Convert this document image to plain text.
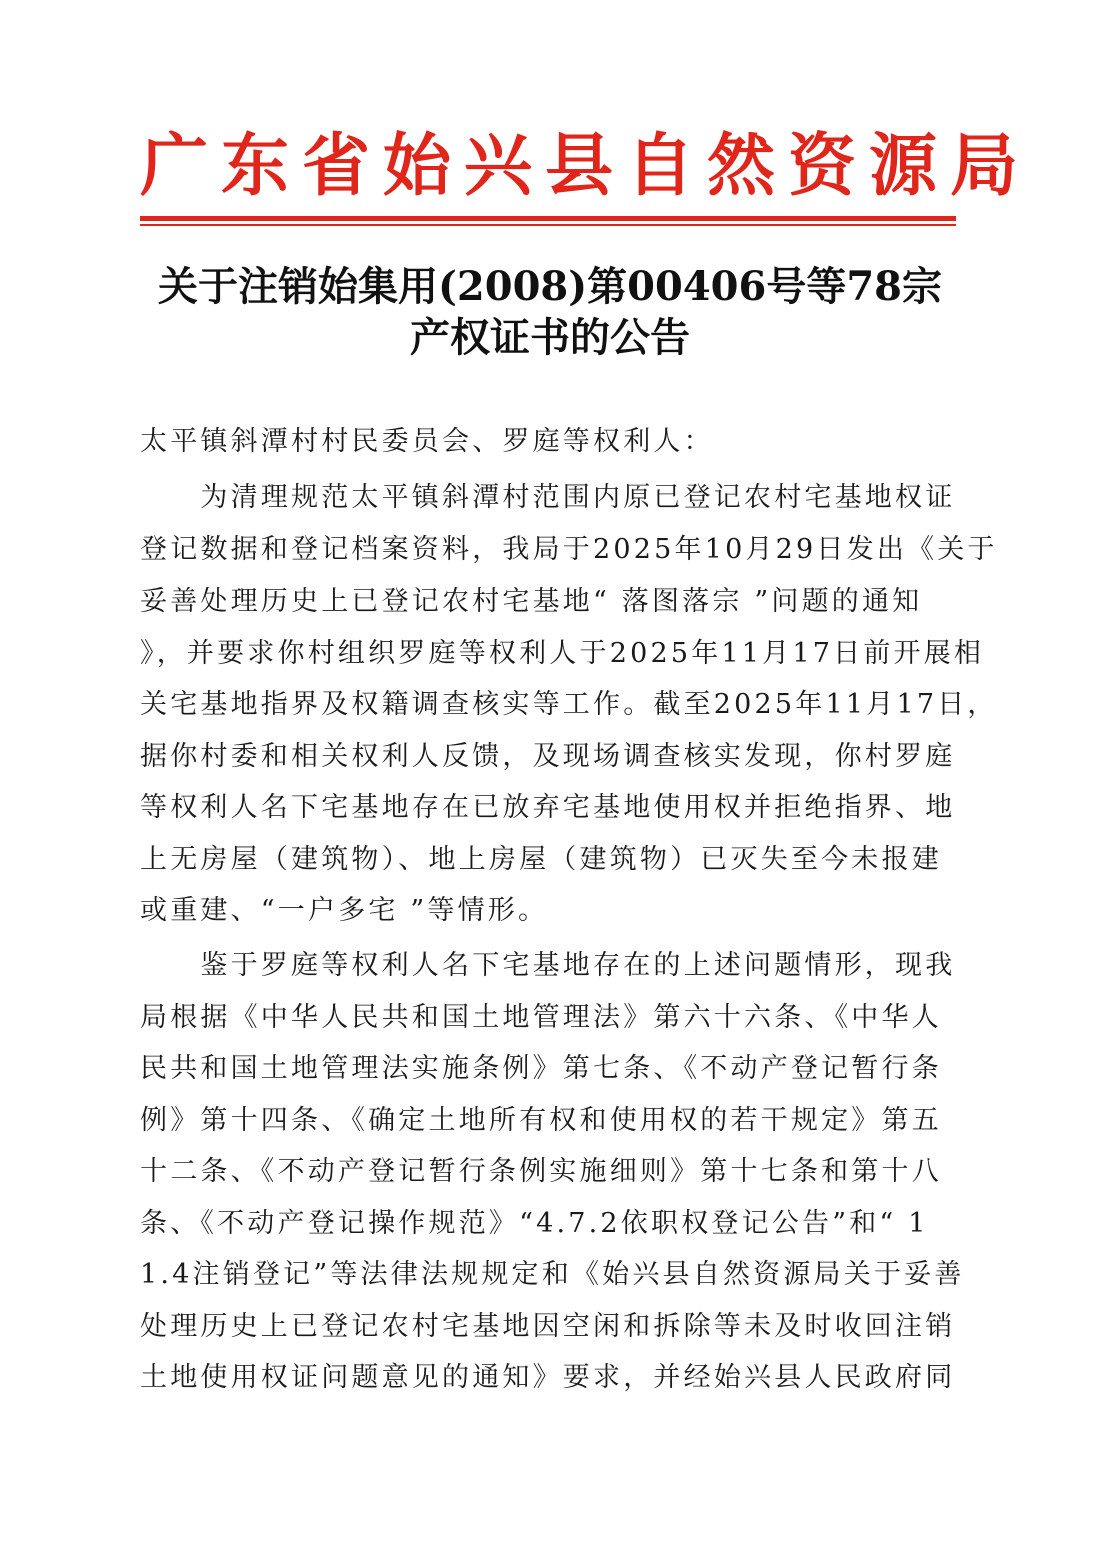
广东省始兴县自然资源局
关于注销始集用(2008)第00406号等78宗
产权证书的公告
太平镇斜潭村村民委员会、罗庭等权利人：
　　为清理规范太平镇斜潭村范围内原已登记农村宅基地权证
登记数据和登记档案资料，我局于2025年10月29日发出《关于
妥善处理历史上已登记农村宅基地“ 落图落宗 ”问题的通知
》，并要求你村组织罗庭等权利人于2025年11月17日前开展相
关宅基地指界及权籍调查核实等工作。截至2025年11月17日，
据你村委和相关权利人反馈，及现场调查核实发现，你村罗庭
等权利人名下宅基地存在已放弃宅基地使用权并拒绝指界、地
上无房屋（建筑物）、地上房屋（建筑物）已灭失至今未报建
或重建、“一户多宅 ”等情形。
　　鉴于罗庭等权利人名下宅基地存在的上述问题情形，现我
局根据《中华人民共和国土地管理法》第六十六条、《中华人
民共和国土地管理法实施条例》第七条、《不动产登记暂行条
例》第十四条、《确定土地所有权和使用权的若干规定》第五
十二条、《不动产登记暂行条例实施细则》第十七条和第十八
条、《不动产登记操作规范》“4.7.2依职权登记公告”和“ 1
1.4注销登记”等法律法规规定和《始兴县自然资源局关于妥善
处理历史上已登记农村宅基地因空闲和拆除等未及时收回注销
土地使用权证问题意见的通知》要求，并经始兴县人民政府同
